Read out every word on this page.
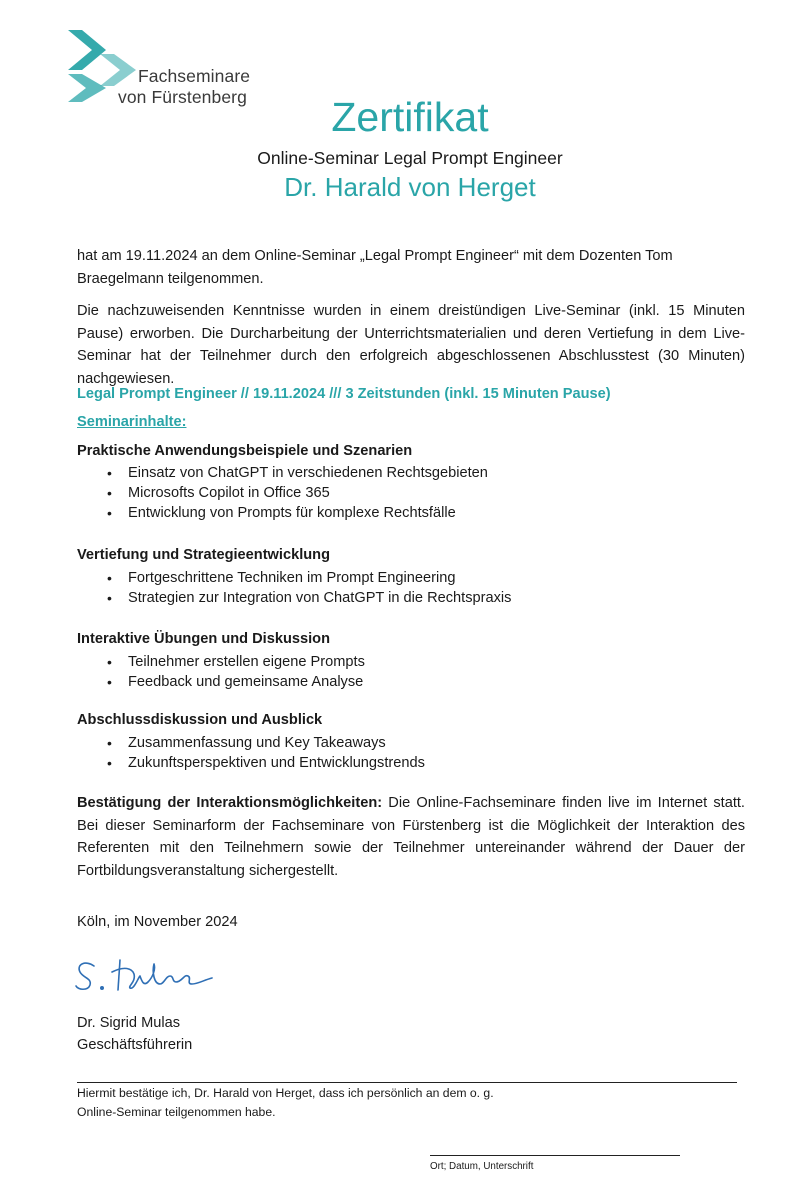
Fachseminare
von Fürstenberg	Zertifikat
Online-Seminar Legal Prompt Engineer
Dr. Harald von Herget

hat am 19.11.2024 an dem Online-Seminar „Legal Prompt Engineer“ mit dem Dozenten Tom Braegelmann teilgenommen.

Die nachzuweisenden Kenntnisse wurden in einem dreistündigen Live-Seminar (inkl. 15 Minuten Pause) erworben. Die Durcharbeitung der Unterrichtsmaterialien und deren Vertiefung in dem Live-Seminar hat der Teilnehmer durch den erfolgreich abgeschlossenen Abschlusstest (30 Minuten) nachgewiesen.

Legal Prompt Engineer // 19.11.2024 /// 3 Zeitstunden (inkl. 15 Minuten Pause)

Seminarinhalte:

Praktische Anwendungsbeispiele und Szenarien

• Einsatz von ChatGPT in verschiedenen Rechtsgebieten
• Microsofts Copilot in Office 365
• Entwicklung von Prompts für komplexe Rechtsfälle

Vertiefung und Strategieentwicklung

• Fortgeschrittene Techniken im Prompt Engineering
• Strategien zur Integration von ChatGPT in die Rechtspraxis

Interaktive Übungen und Diskussion

• Teilnehmer erstellen eigene Prompts
• Feedback und gemeinsame Analyse

Abschlussdiskussion und Ausblick

• Zusammenfassung und Key Takeaways
• Zukunftsperspektiven und Entwicklungstrends

Bestätigung der Interaktionsmöglichkeiten: Die Online-Fachseminare finden live im Internet statt. Bei dieser Seminarform der Fachseminare von Fürstenberg ist die Möglichkeit der Interaktion des Referenten mit den Teilnehmern sowie der Teilnehmer untereinander während der Dauer der Fortbildungsveranstaltung sichergestellt.

Köln, im November 2024

Dr. Sigrid Mulas

Geschäftsführerin

Hiermit bestätige ich, Dr. Harald von Herget, dass ich persönlich an dem o. g.
Online-Seminar teilgenommen habe.
Ort; Datum, Unterschrift
